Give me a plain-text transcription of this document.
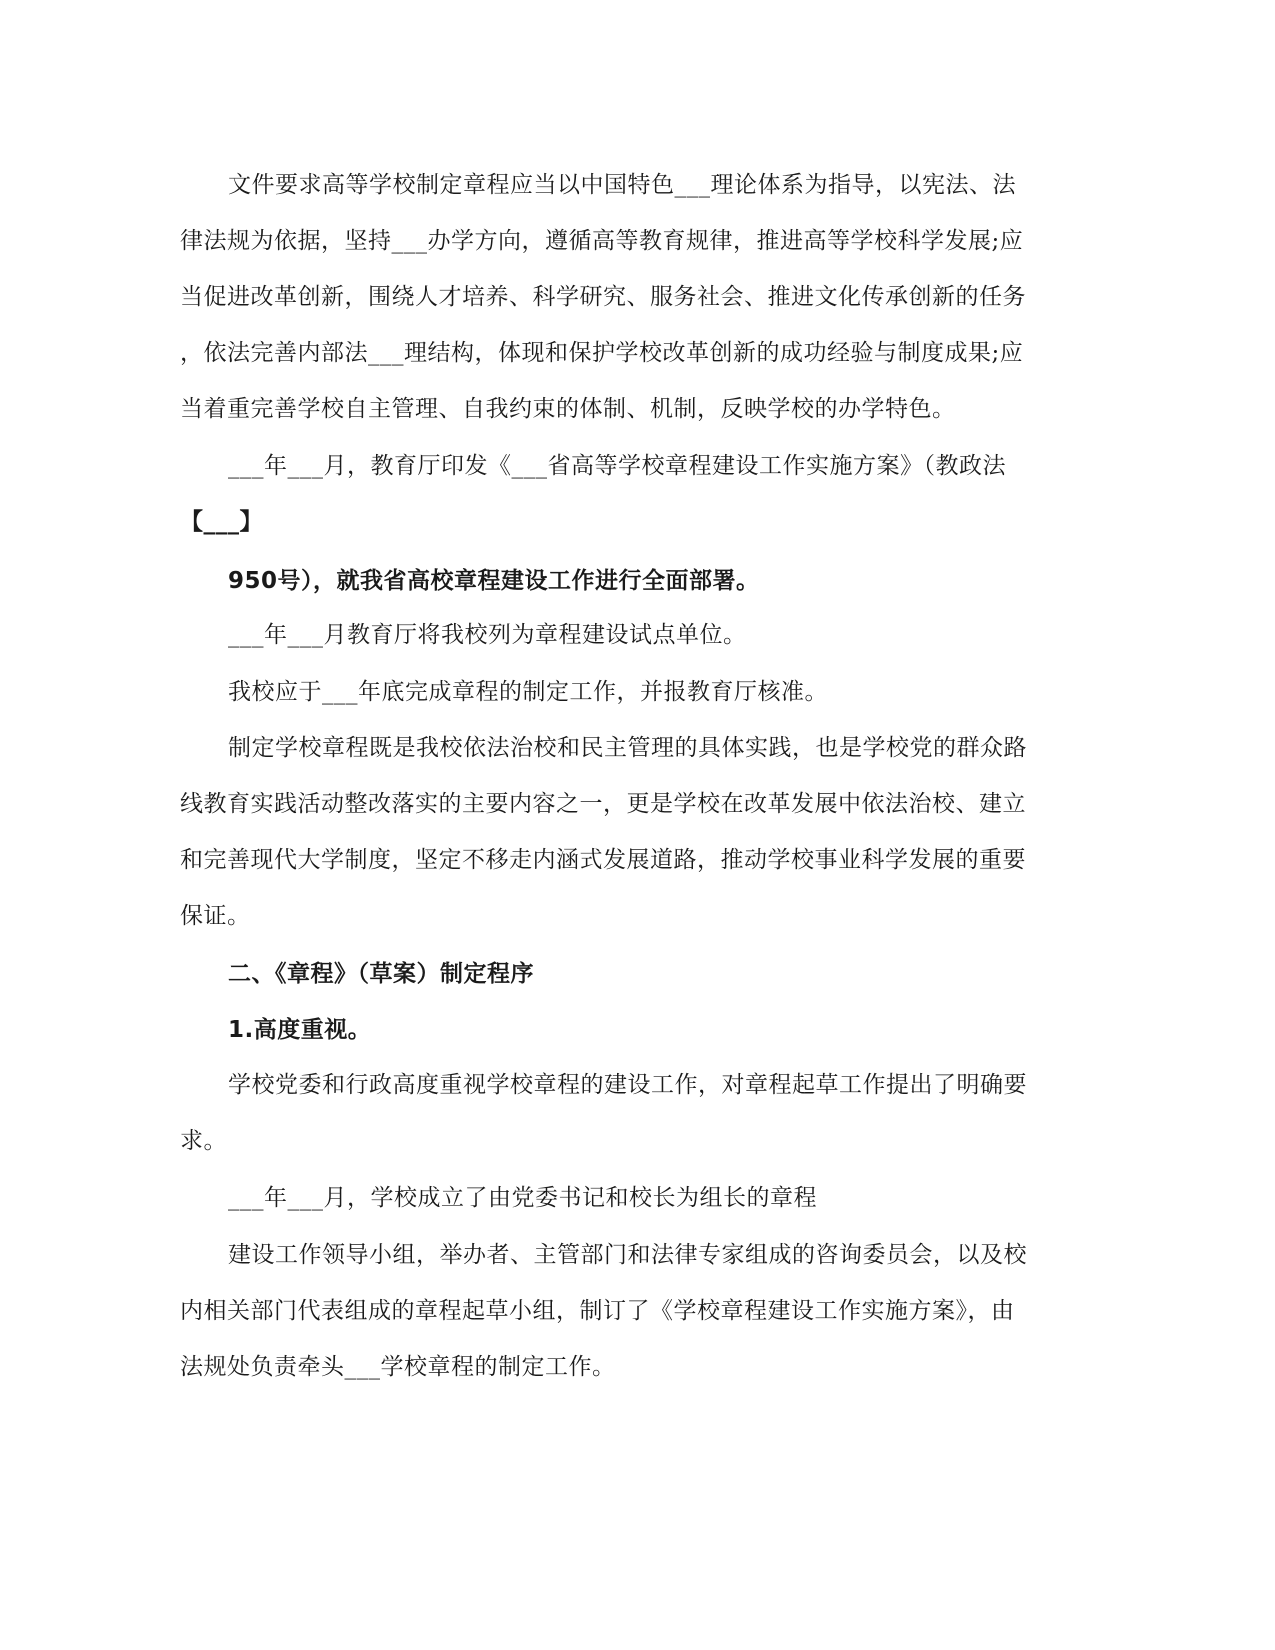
文件要求高等学校制定章程应当以中国特色___理论体系为指导，以宪法、法
律法规为依据，坚持___办学方向，遵循高等教育规律，推进高等学校科学发展;应
当促进改革创新，围绕人才培养、科学研究、服务社会、推进文化传承创新的任务
，依法完善内部法___理结构，体现和保护学校改革创新的成功经验与制度成果;应
当着重完善学校自主管理、自我约束的体制、机制，反映学校的办学特色。
___年___月，教育厅印发《___省高等学校章程建设工作实施方案》（教政法
【___】
950号），就我省高校章程建设工作进行全面部署。
___年___月教育厅将我校列为章程建设试点单位。
我校应于___年底完成章程的制定工作，并报教育厅核准。
制定学校章程既是我校依法治校和民主管理的具体实践，也是学校党的群众路
线教育实践活动整改落实的主要内容之一，更是学校在改革发展中依法治校、建立
和完善现代大学制度，坚定不移走内涵式发展道路，推动学校事业科学发展的重要
保证。
二、《章程》（草案）制定程序
1.高度重视。
学校党委和行政高度重视学校章程的建设工作，对章程起草工作提出了明确要
求。
___年___月，学校成立了由党委书记和校长为组长的章程
建设工作领导小组，举办者、主管部门和法律专家组成的咨询委员会，以及校
内相关部门代表组成的章程起草小组，制订了《学校章程建设工作实施方案》，由
法规处负责牵头___学校章程的制定工作。
